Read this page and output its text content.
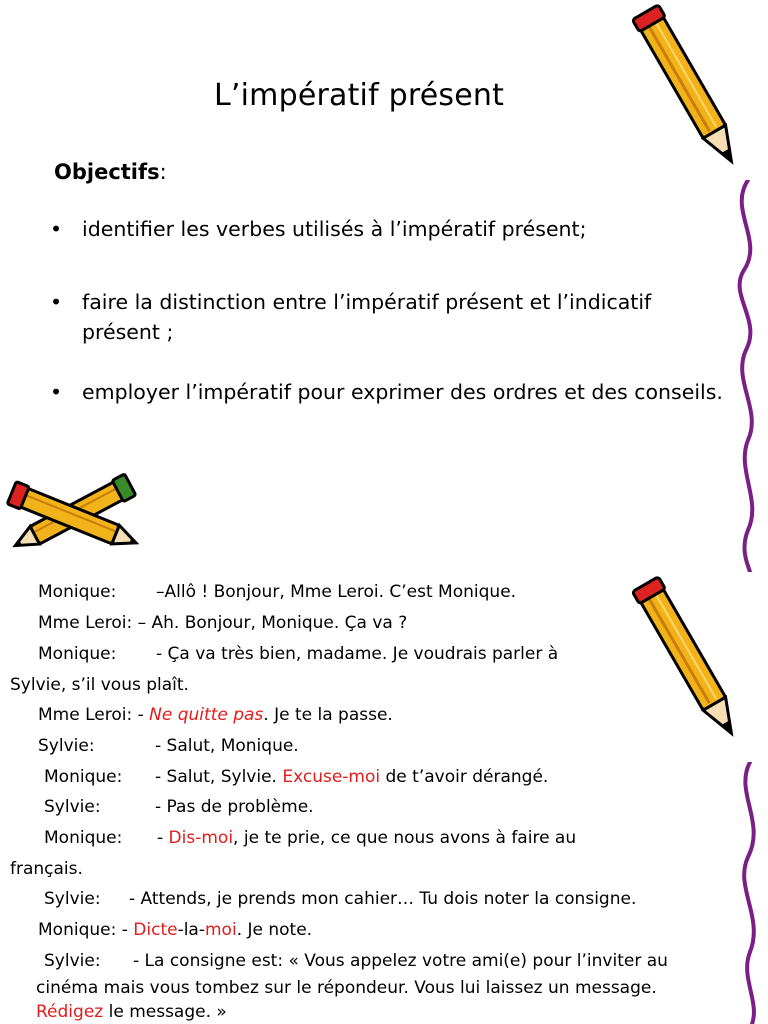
L’impératif présent
Objectifs:
• identifier les verbes utilisés à l’impératif présent;
• faire la distinction entre l’impératif présent et l’indicatif présent ;
• employer l’impératif pour exprimer des ordres et des conseils.
Monique: –Allô ! Bonjour, Mme Leroi. C’est Monique.
Mme Leroi: – Ah. Bonjour, Monique. Ça va ?
Monique: - Ça va très bien, madame. Je voudrais parler à
Sylvie, s’il vous plaît.
Mme Leroi: - Ne quitte pas. Je te la passe.
Sylvie:	- Salut, Monique.
Monique: - Salut, Sylvie. Excuse-moi de t’avoir dérangé.
Sylvie:	- Pas de problème.
Monique: - Dis-moi, je te prie, ce que nous avons à faire au
français.
Sylvie: - Attends, je prends mon cahier… Tu dois noter la consigne.
Monique: - Dicte-la-moi. Je note.
Sylvie: - La consigne est: « Vous appelez votre ami(e) pour l’inviter au
cinéma mais vous tombez sur le répondeur. Vous lui laissez un message.
Rédigez le message. »
